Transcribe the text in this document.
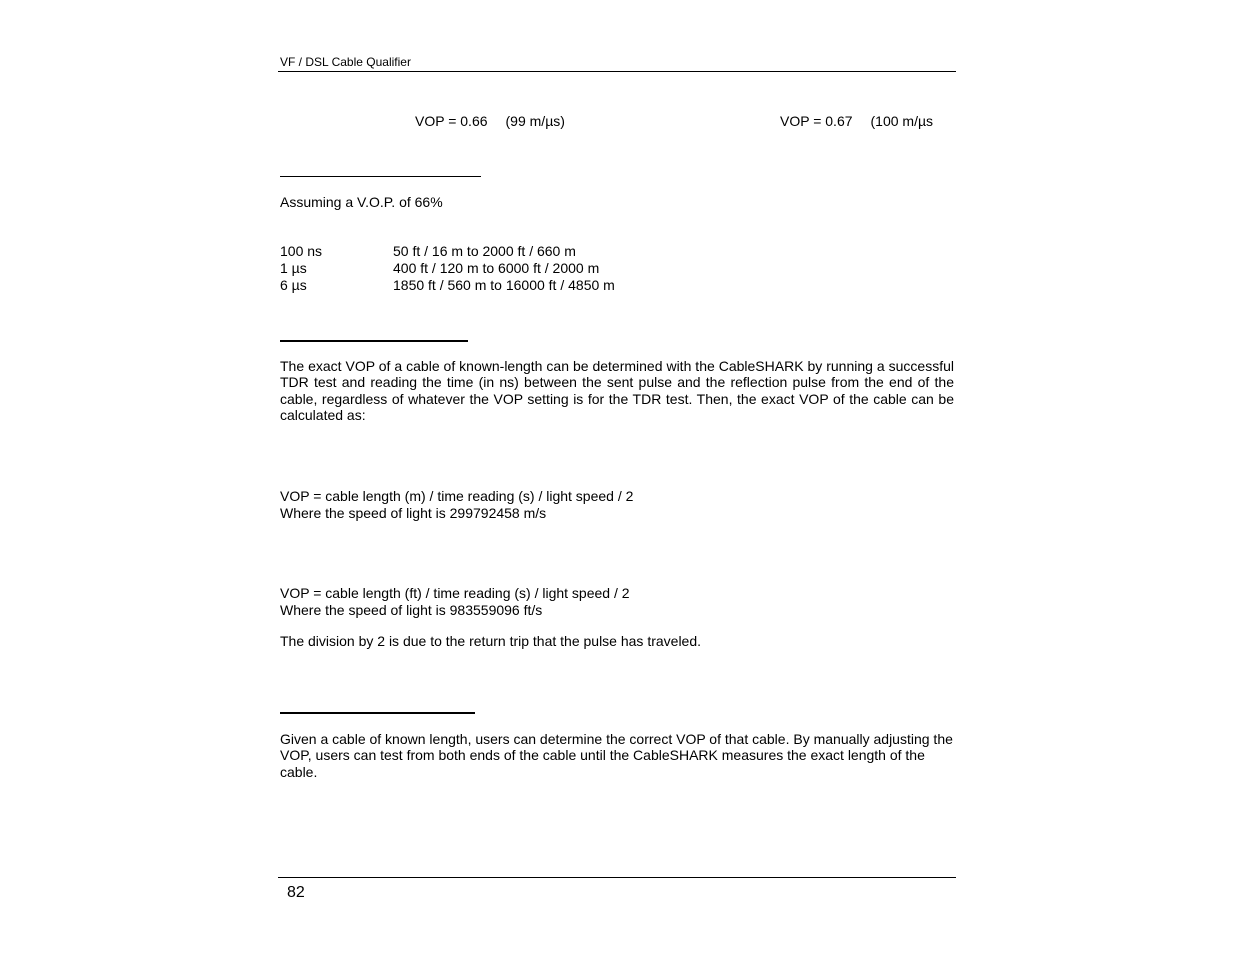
VF / DSL Cable Qualifier
VOP = 0.66 (99 m/µs)	VOP = 0.67 (100 m/µs
Assuming a V.O.P. of 66%
100 ns	50 ft / 16 m to 2000 ft / 660 m
1 µs	400 ft / 120 m to 6000 ft / 2000 m
6 µs	1850 ft / 560 m to 16000 ft / 4850 m
The exact VOP of a cable of known-length can be determined with the CableSHARK by running a successful TDR test and reading the time (in ns) between the sent pulse and the reflection pulse from the end of the cable, regardless of whatever the VOP setting is for the TDR test. Then, the exact VOP of the cable can be calculated as:
VOP = cable length (m) / time reading (s) / light speed / 2
Where the speed of light is 299792458 m/s
VOP = cable length (ft) / time reading (s) / light speed / 2
Where the speed of light is 983559096 ft/s
The division by 2 is due to the return trip that the pulse has traveled.
Given a cable of known length, users can determine the correct VOP of that cable. By manually adjusting the VOP, users can test from both ends of the cable until the CableSHARK measures the exact length of the cable.
82
